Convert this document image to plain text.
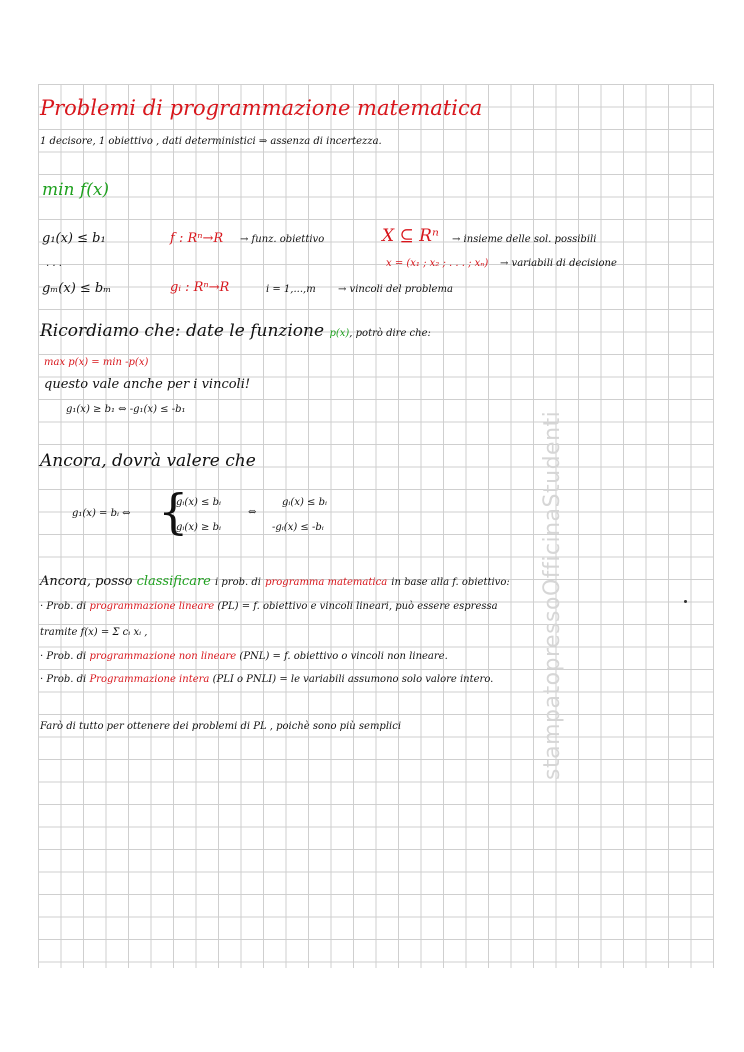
Problemi di programmazione matematica
1 decisore, 1 obiettivo , dati deterministici ⇒ assenza di incertezza.
min f(x)
g₁(x) ≤ b₁	f : Rⁿ→R → funz. obiettivo	X ⊆ Rⁿ → insieme delle sol. possibili
. . .	x = (x₁ ; x₂ ; . . . ; xₙ) → variabili di decisione
gₘ(x) ≤ bₘ	gᵢ : Rⁿ→R	i = 1,...,m → vincoli del problema
Ricordiamo che: date le funzione p(x), potrò dire che:
max p(x) = min -p(x)
questo vale anche per i vincoli!
g₁(x) ≥ b₁ ⇔ -g₁(x) ≤ -b₁
Ancora, dovrà valere che
g₁(x) = bᵢ ⇔ {
gᵢ(x) ≤ bᵢ
gᵢ(x) ≥ bᵢ
⇔
gᵢ(x) ≤ bᵢ
-gᵢ(x) ≤ -bᵢ
Ancora, posso classificare i prob. di programma matematica in base alla f. obiettivo:
· Prob. di programmazione lineare (PL) = f. obiettivo e vincoli lineari, può essere espressa
tramite f(x) = Σ cᵢ xᵢ ,
· Prob. di programmazione non lineare (PNL) = f. obiettivo o vincoli non lineare.
· Prob. di Programmazione intera (PLI o PNLI) = le variabili assumono solo valore intero.
Farò di tutto per ottenere dei problemi di PL , poichè sono più semplici	stampatopressoOfficinaStudenti
